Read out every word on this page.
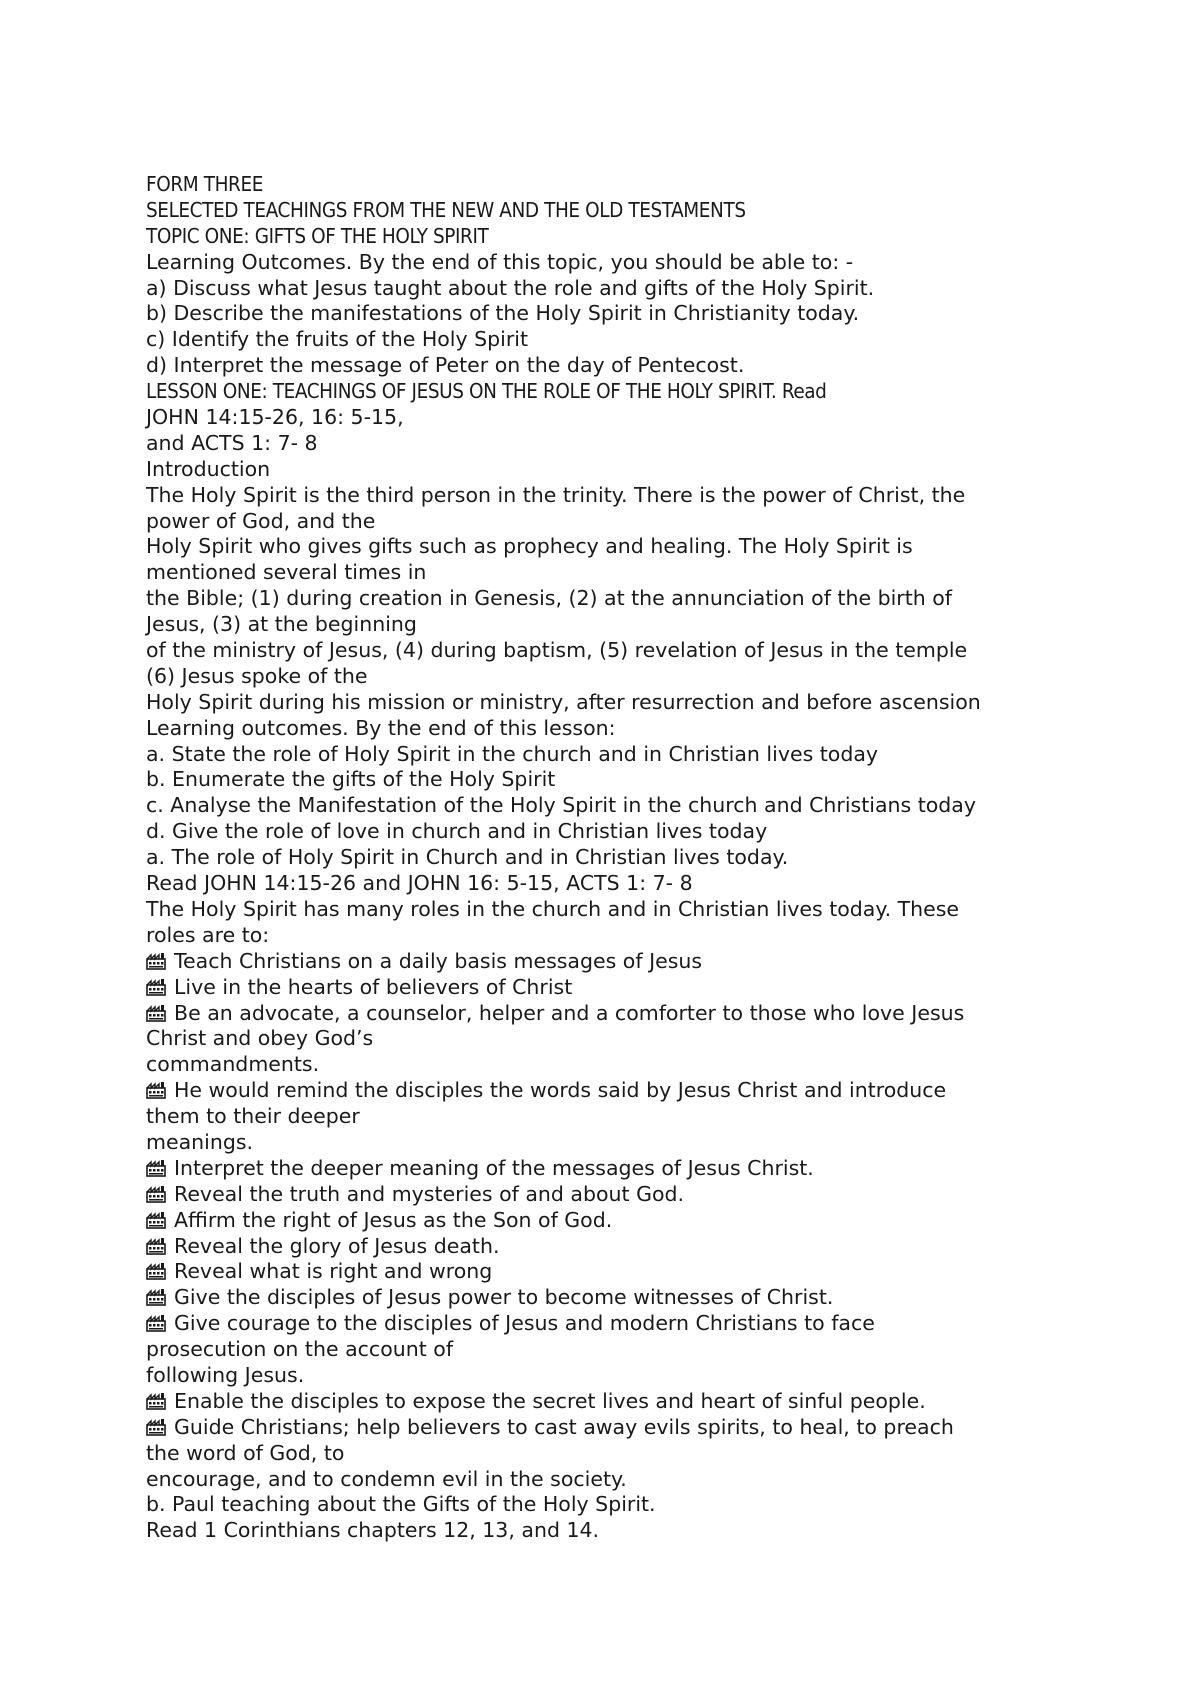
FORM THREE
SELECTED TEACHINGS FROM THE NEW AND THE OLD TESTAMENTS
TOPIC ONE: GIFTS OF THE HOLY SPIRIT
Learning Outcomes. By the end of this topic, you should be able to: -
a) Discuss what Jesus taught about the role and gifts of the Holy Spirit.
b) Describe the manifestations of the Holy Spirit in Christianity today.
c) Identify the fruits of the Holy Spirit
d) Interpret the message of Peter on the day of Pentecost.
LESSON ONE: TEACHINGS OF JESUS ON THE ROLE OF THE HOLY SPIRIT. Read
JOHN 14:15-26, 16: 5-15,
and ACTS 1: 7- 8
Introduction
The Holy Spirit is the third person in the trinity. There is the power of Christ, the
power of God, and the
Holy Spirit who gives gifts such as prophecy and healing. The Holy Spirit is
mentioned several times in
the Bible; (1) during creation in Genesis, (2) at the annunciation of the birth of
Jesus, (3) at the beginning
of the ministry of Jesus, (4) during baptism, (5) revelation of Jesus in the temple
(6) Jesus spoke of the
Holy Spirit during his mission or ministry, after resurrection and before ascension
Learning outcomes. By the end of this lesson:
a. State the role of Holy Spirit in the church and in Christian lives today
b. Enumerate the gifts of the Holy Spirit
c. Analyse the Manifestation of the Holy Spirit in the church and Christians today
d. Give the role of love in church and in Christian lives today
a. The role of Holy Spirit in Church and in Christian lives today.
Read JOHN 14:15-26 and JOHN 16: 5-15, ACTS 1: 7- 8
The Holy Spirit has many roles in the church and in Christian lives today. These
roles are to:
Teach Christians on a daily basis messages of Jesus
Live in the hearts of believers of Christ
Be an advocate, a counselor, helper and a comforter to those who love Jesus
Christ and obey God’s
commandments.
He would remind the disciples the words said by Jesus Christ and introduce
them to their deeper
meanings.
Interpret the deeper meaning of the messages of Jesus Christ.
Reveal the truth and mysteries of and about God.
Affirm the right of Jesus as the Son of God.
Reveal the glory of Jesus death.
Reveal what is right and wrong
Give the disciples of Jesus power to become witnesses of Christ.
Give courage to the disciples of Jesus and modern Christians to face
prosecution on the account of
following Jesus.
Enable the disciples to expose the secret lives and heart of sinful people.
Guide Christians; help believers to cast away evils spirits, to heal, to preach
the word of God, to
encourage, and to condemn evil in the society.
b. Paul teaching about the Gifts of the Holy Spirit.
Read 1 Corinthians chapters 12, 13, and 14.
